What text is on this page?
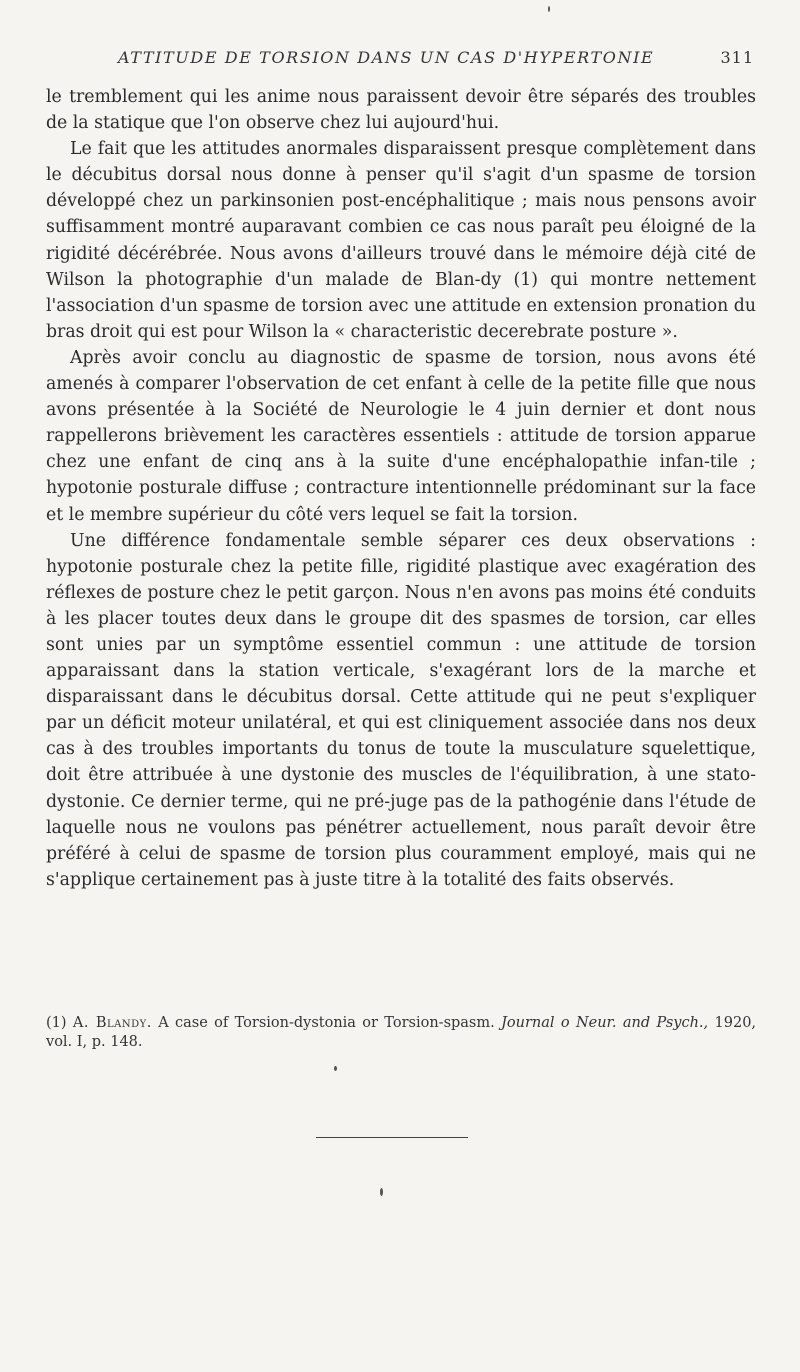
ATTITUDE DE TORSION DANS UN CAS D'HYPERTONIE	311

le tremblement qui les anime nous paraissent devoir être séparés des troubles de la statique que l'on observe chez lui aujourd'hui.

Le fait que les attitudes anormales disparaissent presque complètement dans le décubitus dorsal nous donne à penser qu'il s'agit d'un spasme de torsion développé chez un parkinsonien post-encéphalitique ; mais nous pensons avoir suffisamment montré auparavant combien ce cas nous paraît peu éloigné de la rigidité décérébrée. Nous avons d'ailleurs trouvé dans le mémoire déjà cité de Wilson la photographie d'un malade de Blan-dy (1) qui montre nettement l'association d'un spasme de torsion avec une attitude en extension pronation du bras droit qui est pour Wilson la « characteristic decerebrate posture ».

Après avoir conclu au diagnostic de spasme de torsion, nous avons été amenés à comparer l'observation de cet enfant à celle de la petite fille que nous avons présentée à la Société de Neurologie le 4 juin dernier et dont nous rappellerons brièvement les caractères essentiels : attitude de torsion apparue chez une enfant de cinq ans à la suite d'une encéphalopathie infan-tile ; hypotonie posturale diffuse ; contracture intentionnelle prédominant sur la face et le membre supérieur du côté vers lequel se fait la torsion.

Une différence fondamentale semble séparer ces deux observations : hypotonie posturale chez la petite fille, rigidité plastique avec exagération des réflexes de posture chez le petit garçon. Nous n'en avons pas moins été conduits à les placer toutes deux dans le groupe dit des spasmes de torsion, car elles sont unies par un symptôme essentiel commun : une attitude de torsion apparaissant dans la station verticale, s'exagérant lors de la marche et disparaissant dans le décubitus dorsal. Cette attitude qui ne peut s'expliquer par un déficit moteur unilatéral, et qui est cliniquement associée dans nos deux cas à des troubles importants du tonus de toute la musculature squelettique, doit être attribuée à une dystonie des muscles de l'équilibration, à une stato-dystonie. Ce dernier terme, qui ne pré-juge pas de la pathogénie dans l'étude de laquelle nous ne voulons pas pénétrer actuellement, nous paraît devoir être préféré à celui de spasme de torsion plus couramment employé, mais qui ne s'applique certainement pas à juste titre à la totalité des faits observés.

(1) A. Blandy. A case of Torsion-dystonia or Torsion-spasm. Journal o Neur. and Psych., 1920, vol. I, p. 148.
